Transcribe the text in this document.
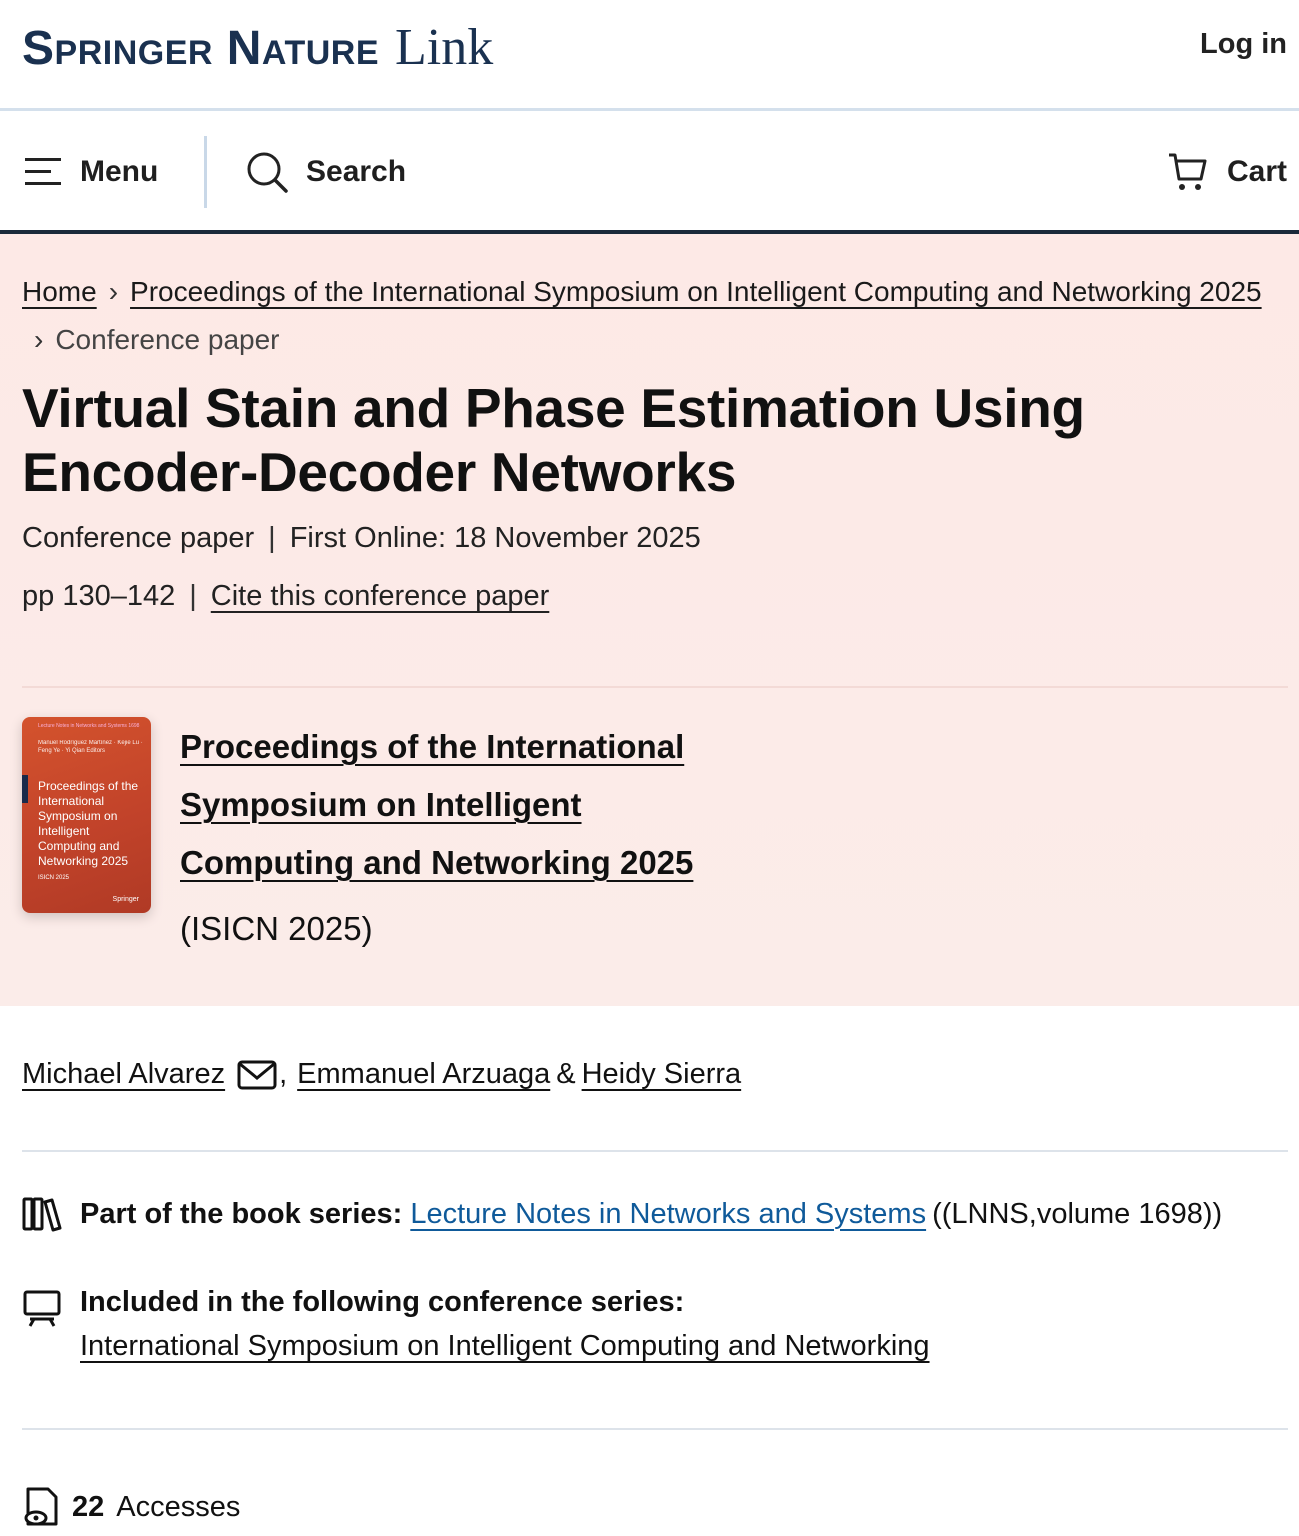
Springer Nature Link	Log in
Menu	Search	Cart
Home › Proceedings of the International Symposium on Intelligent Computing and Networking 2025› Conference paper
Virtual Stain and Phase Estimation Using Encoder-Decoder Networks
Conference paper | First Online: 18 November 2025
pp 130–142 | Cite this conference paper
Lecture Notes in Networks and Systems 1698
Manuel Rodríguez Martínez · Kejie Lu · Feng Ye · Yi Qian Editors
Proceedings of the International Symposium on Intelligent Computing and Networking 2025
ISICN 2025
Springer
Proceedings of the International Symposium on Intelligent Computing and Networking 2025
(ISICN 2025)
Michael Alvarez , Emmanuel Arzuaga & Heidy Sierra
Part of the book series: Lecture Notes in Networks and Systems ((LNNS,volume 1698))
Included in the following conference series:
International Symposium on Intelligent Computing and Networking
22 Accesses
